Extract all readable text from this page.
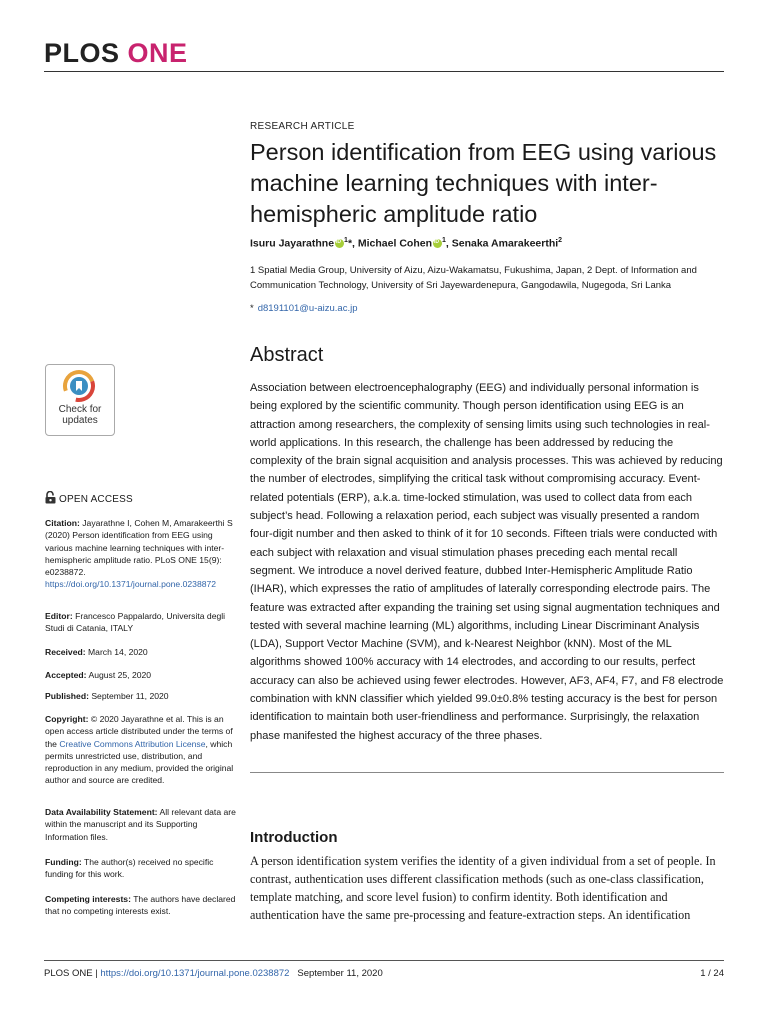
PLOS ONE
RESEARCH ARTICLE
Person identification from EEG using various machine learning techniques with inter-hemispheric amplitude ratio
Isuru Jayarathne iD $^1$*, Michael Cohen iD $^1$, Senaka Amarakeerthi$^2$
1 Spatial Media Group, University of Aizu, Aizu-Wakamatsu, Fukushima, Japan, 2 Dept. of Information and Communication Technology, University of Sri Jayewardenepura, Gangodawila, Nugegoda, Sri Lanka
* d8191101@u-aizu.ac.jp
Abstract
Association between electroencephalography (EEG) and individually personal information is being explored by the scientific community. Though person identification using EEG is an attraction among researchers, the complexity of sensing limits using such technologies in real-world applications. In this research, the challenge has been addressed by reducing the complexity of the brain signal acquisition and analysis processes. This was achieved by reducing the number of electrodes, simplifying the critical task without compromising accuracy. Event-related potentials (ERP), a.k.a. time-locked stimulation, was used to collect data from each subject’s head. Following a relaxation period, each subject was visually presented a random four-digit number and then asked to think of it for 10 seconds. Fifteen trials were conducted with each subject with relaxation and visual stimulation phases preceding each mental recall segment. We introduce a novel derived feature, dubbed Inter-Hemispheric Amplitude Ratio (IHAR), which expresses the ratio of amplitudes of laterally corresponding electrode pairs. The feature was extracted after expanding the training set using signal augmentation techniques and tested with several machine learning (ML) algorithms, including Linear Discriminant Analysis (LDA), Support Vector Machine (SVM), and k-Nearest Neighbor (kNN). Most of the ML algorithms showed 100% accuracy with 14 electrodes, and according to our results, perfect accuracy can also be achieved using fewer electrodes. However, AF3, AF4, F7, and F8 electrode combination with kNN classifier which yielded 99.0±0.8% testing accuracy is the best for person identification to maintain both user-friendliness and performance. Surprisingly, the relaxation phase manifested the highest accuracy of the three phases.
Introduction
A person identification system verifies the identity of a given individual from a set of people. In contrast, authentication uses different classification methods (such as one-class classification, template matching, and score level fusion) to confirm identity. Both identification and authentication have the same pre-processing and feature-extraction steps. An identification
Check for
updates
OPEN ACCESS
Citation: Jayarathne I, Cohen M, Amarakeerthi S (2020) Person identification from EEG using various machine learning techniques with inter-hemispheric amplitude ratio. PLoS ONE 15(9): e0238872. https://doi.org/10.1371/journal.pone.0238872
Editor: Francesco Pappalardo, Universita degli Studi di Catania, ITALY
Received: March 14, 2020
Accepted: August 25, 2020
Published: September 11, 2020
Copyright: © 2020 Jayarathne et al. This is an open access article distributed under the terms of the Creative Commons Attribution License, which permits unrestricted use, distribution, and reproduction in any medium, provided the original author and source are credited.
Data Availability Statement: All relevant data are within the manuscript and its Supporting Information files.
Funding: The author(s) received no specific funding for this work.
Competing interests: The authors have declared that no competing interests exist.
PLOS ONE | https://doi.org/10.1371/journal.pone.0238872 September 11, 2020	1 / 24
